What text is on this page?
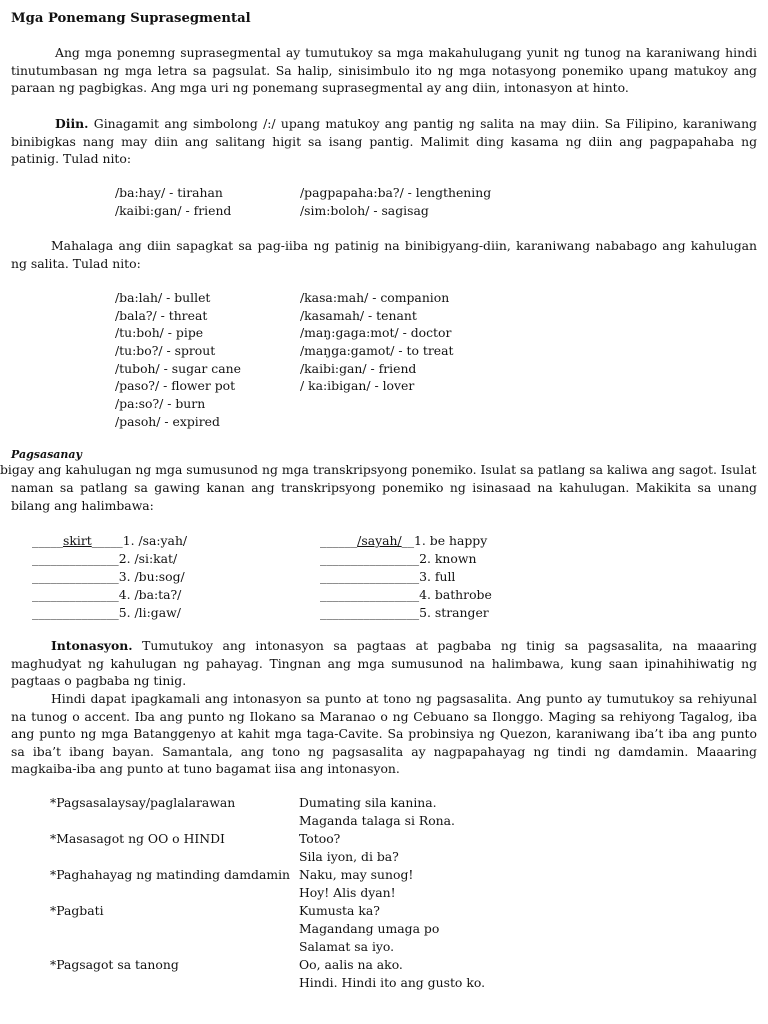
Mga Ponemang Suprasegmental

Ang mga ponemng suprasegmental ay tumutukoy sa mga makahulugang yunit ng tunog na karaniwang hindi tinutumbasan ng mga letra sa pagsulat. Sa halip, sinisimbulo ito ng mga notasyong ponemiko upang matukoy ang paraan ng pagbigkas. Ang mga uri ng ponemang suprasegmental ay ang diin, intonasyon at hinto.

Diin. Ginagamit ang simbolong /:/ upang matukoy ang pantig ng salita na may diin. Sa Filipino, karaniwang binibigkas nang may diin ang salitang higit sa isang pantig. Malimit ding kasama ng diin ang pagpapahaba ng patinig. Tulad nito:

/ba:hay/ - tirahan
/kaibi:gan/ - friend
/pagpapaha:ba?/ - lengthening
/sim:boloh/ - sagisag

Mahalaga ang diin sapagkat sa pag-iiba ng patinig na binibigyang-diin, karaniwang nababago ang kahulugan ng salita. Tulad nito:

/ba:lah/ - bullet
/bala?/ - threat
/tu:boh/ - pipe
/tu:bo?/ - sprout
/tuboh/ - sugar cane
/paso?/ - flower pot
/pa:so?/ - burn
/pasoh/ - expired
/kasa:mah/ - companion
/kasamah/ - tenant
/maŋ:gaga:mot/ - doctor
/maŋga:gamot/ - to treat
/kaibi:gan/ - friend
/ ka:ibigan/ - lover
Pagsasanay
bigay ang kahulugan ng mga sumusunod ng mga transkripsyong ponemiko. Isulat sa patlang sa kaliwa ang sagot. Isulat

naman sa patlang sa gawing kanan ang transkripsyong ponemiko ng isinasaad na kahulugan. Makikita sa unang bilang ang halimbawa:

_____skirt_____1. /sa:yah/
______________2. /si:kat/
______________3. /bu:sog/
______________4. /ba:ta?/
______________5. /li:gaw/
______/sayah/__1. be happy
________________2. known
________________3. full
________________4. bathrobe
________________5. stranger

Intonasyon. Tumutukoy ang intonasyon sa pagtaas at pagbaba ng tinig sa pagsasalita, na maaaring maghudyat ng kahulugan ng pahayag. Tingnan ang mga sumusunod na halimbawa, kung saan ipinahihiwatig ng pagtaas o pagbaba ng tinig.

Hindi dapat ipagkamali ang intonasyon sa punto at tono ng pagsasalita. Ang punto ay tumutukoy sa rehiyunal na tunog o accent. Iba ang punto ng Ilokano sa Maranao o ng Cebuano sa Ilonggo. Maging sa rehiyong Tagalog, iba ang punto ng mga Batanggenyo at kahit mga taga-Cavite. Sa probinsiya ng Quezon, karaniwang iba’t iba ang punto sa iba’t ibang bayan. Samantala, ang tono ng pagsasalita ay nagpapahayag ng tindi ng damdamin. Maaaring magkaiba-iba ang punto at tuno bagamat iisa ang intonasyon.

*Pagsasalaysay/paglalarawan
*Masasagot ng OO o HINDI
*Paghahayag ng matinding damdamin
*Pagbati
*Pagsagot sa tanong
Dumating sila kanina.
Maganda talaga si Rona.
Totoo?
Sila iyon, di ba?
Naku, may sunog!
Hoy! Alis dyan!
Kumusta ka?
Magandang umaga po
Salamat sa iyo.
Oo, aalis na ako.
Hindi. Hindi ito ang gusto ko.
